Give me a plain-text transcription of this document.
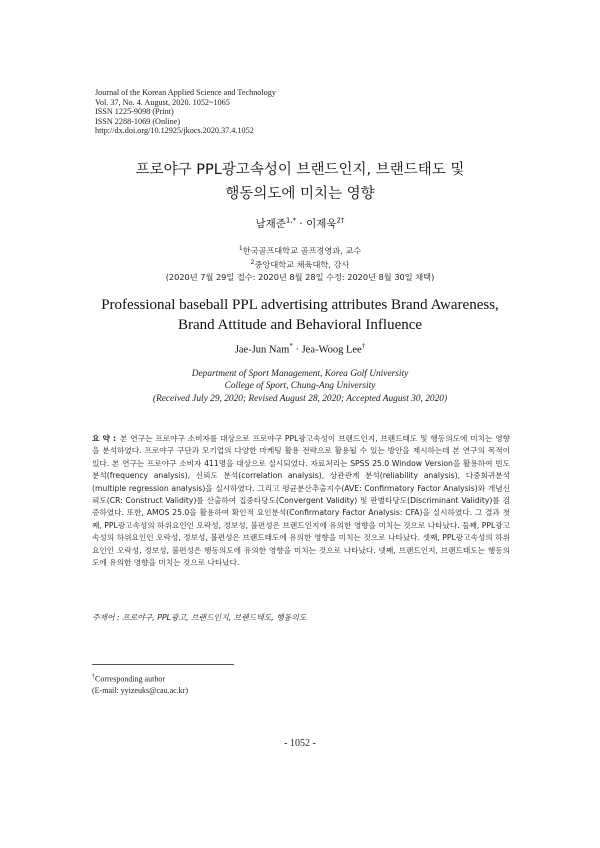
Journal of the Korean Applied Science and Technology
Vol. 37, No. 4. August, 2020. 1052~1065
ISSN 1225-9098 (Print)
ISSN 2288-1069 (Online)
http://dx.doi.org/10.12925/jkocs.2020.37.4.1052
프로야구 PPL광고속성이 브랜드인지, 브랜드태도 및
행동의도에 미치는 영향
남재준$^{1,*}$ · 이제욱$^{2\dagger}$
$^1$한국골프대학교 골프경영과, 교수
$^2$중앙대학교 체육대학, 강사
(2020년 7월 29일 접수: 2020년 8월 28일 수정: 2020년 8월 30일 채택)
Professional baseball PPL advertising attributes Brand Awareness,
Brand Attitude and Behavioral Influence
Jae-Jun Nam* · Jea-Woog Lee†
Department of Sport Management, Korea Golf University
College of Sport, Chung-Ang University
(Received July 29, 2020; Revised August 28, 2020; Accepted August 30, 2020)
요 약 : 본 연구는 프로야구 소비자를 대상으로 프로야구 PPL광고속성이 브랜드인지, 브랜드태도 및 행동의도에 미치는 영향을 분석하였다. 프로야구 구단과 모기업의 다양한 마케팅 활용 전략으로 활용될 수 있는 방안을 제시하는데 본 연구의 목적이 있다. 본 연구는 프로야구 소비자 411명을 대상으로 실시되었다. 자료처리는 SPSS 25.0 Window Version을 활용하여 빈도분석(frequency analysis), 신뢰도 분석(correlation analysis), 상관관계 분석(reliability analysis), 다중회귀분석(multiple regression analysis)을 실시하였다. 그리고 평균분산추출지수(AVE: Confirmatory Factor Analysis)와 개념신뢰도(CR: Construct Validity)를 산출하여 집중타당도(Convergent Validity) 및 판별타당도(Discriminant Validity)를 검증하였다. 또한, AMOS 25.0을 활용하여 확인적 요인분석(Confirmatory Factor Analysis: CFA)을 실시하였다. 그 결과 첫째, PPL광고속성의 하위요인인 오락성, 정보성, 불편성은 브랜드인지에 유의한 영향을 미치는 것으로 나타났다. 둘째, PPL광고속성의 하위요인인 오락성, 정보성, 불편성은 브랜드태도에 유의한 영향을 미치는 것으로 나타났다. 셋째, PPL광고속성의 하위요인인 오락성, 정보성, 불편성은 행동의도에 유의한 영향을 미치는 것으로 나타났다. 넷째, 브랜드인지, 브랜드태도는 행동의도에 유의한 영향을 미치는 것으로 나타났다.
주제어 : 프로야구, PPL광고, 브랜드인지, 브랜드태도, 행동의도
†Corresponding author
(E-mail: yyizeuks@cau.ac.kr)
- 1052 -
